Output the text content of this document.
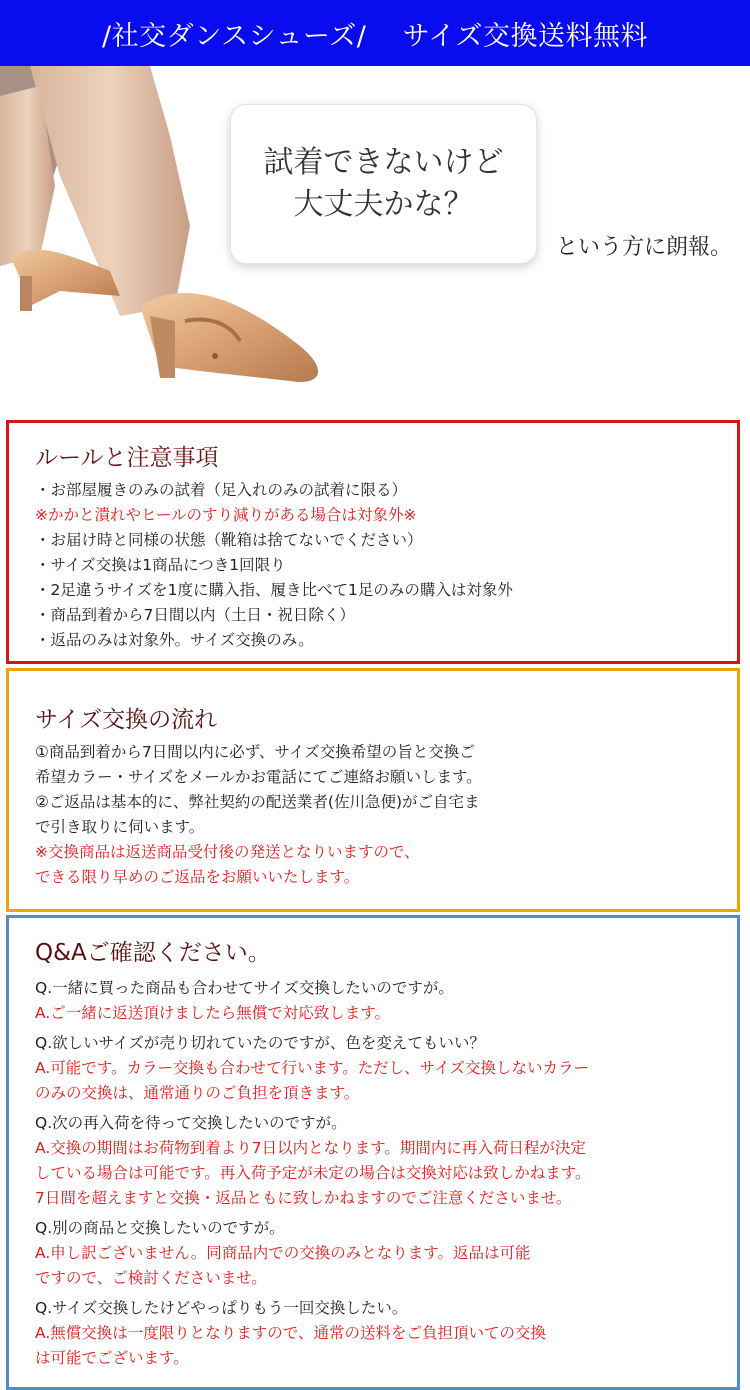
/社交ダンスシューズ/    サイズ交換送料無料
試着できないけど
大丈夫かな？
という方に朗報。
ルールと注意事項
・お部屋履きのみの試着（足入れのみの試着に限る）
※かかと潰れやヒールのすり減りがある場合は対象外※
・お届け時と同様の状態（靴箱は捨てないでください）
・サイズ交換は1商品につき1回限り
・2足違うサイズを1度に購入指、履き比べて1足のみの購入は対象外
・商品到着から7日間以内（土日・祝日除く）
・返品のみは対象外。サイズ交換のみ。
サイズ交換の流れ
①商品到着から7日間以内に必ず、サイズ交換希望の旨と交換ご
希望カラー・サイズをメールかお電話にてご連絡お願いします。
②ご返品は基本的に、弊社契約の配送業者(佐川急便)がご自宅ま
で引き取りに伺います。
※交換商品は返送商品受付後の発送となりいますので、
できる限り早めのご返品をお願いいたします。
Q&Aご確認ください。
Q.一緒に買った商品も合わせてサイズ交換したいのですが。
A.ご一緒に返送頂けましたら無償で対応致します。
Q.欲しいサイズが売り切れていたのですが、色を変えてもいい？
A.可能です。カラー交換も合わせて行います。ただし、サイズ交換しないカラー
のみの交換は、通常通りのご負担を頂きます。
Q.次の再入荷を待って交換したいのですが。
A.交換の期間はお荷物到着より7日以内となります。期間内に再入荷日程が決定
している場合は可能です。再入荷予定が未定の場合は交換対応は致しかねます。
7日間を超えますと交換・返品ともに致しかねますのでご注意くださいませ。
Q.別の商品と交換したいのですが。
A.申し訳ございません。同商品内での交換のみとなります。返品は可能
ですので、ご検討くださいませ。
Q.サイズ交換したけどやっぱりもう一回交換したい。
A.無償交換は一度限りとなりますので、通常の送料をご負担頂いての交換
は可能でございます。
